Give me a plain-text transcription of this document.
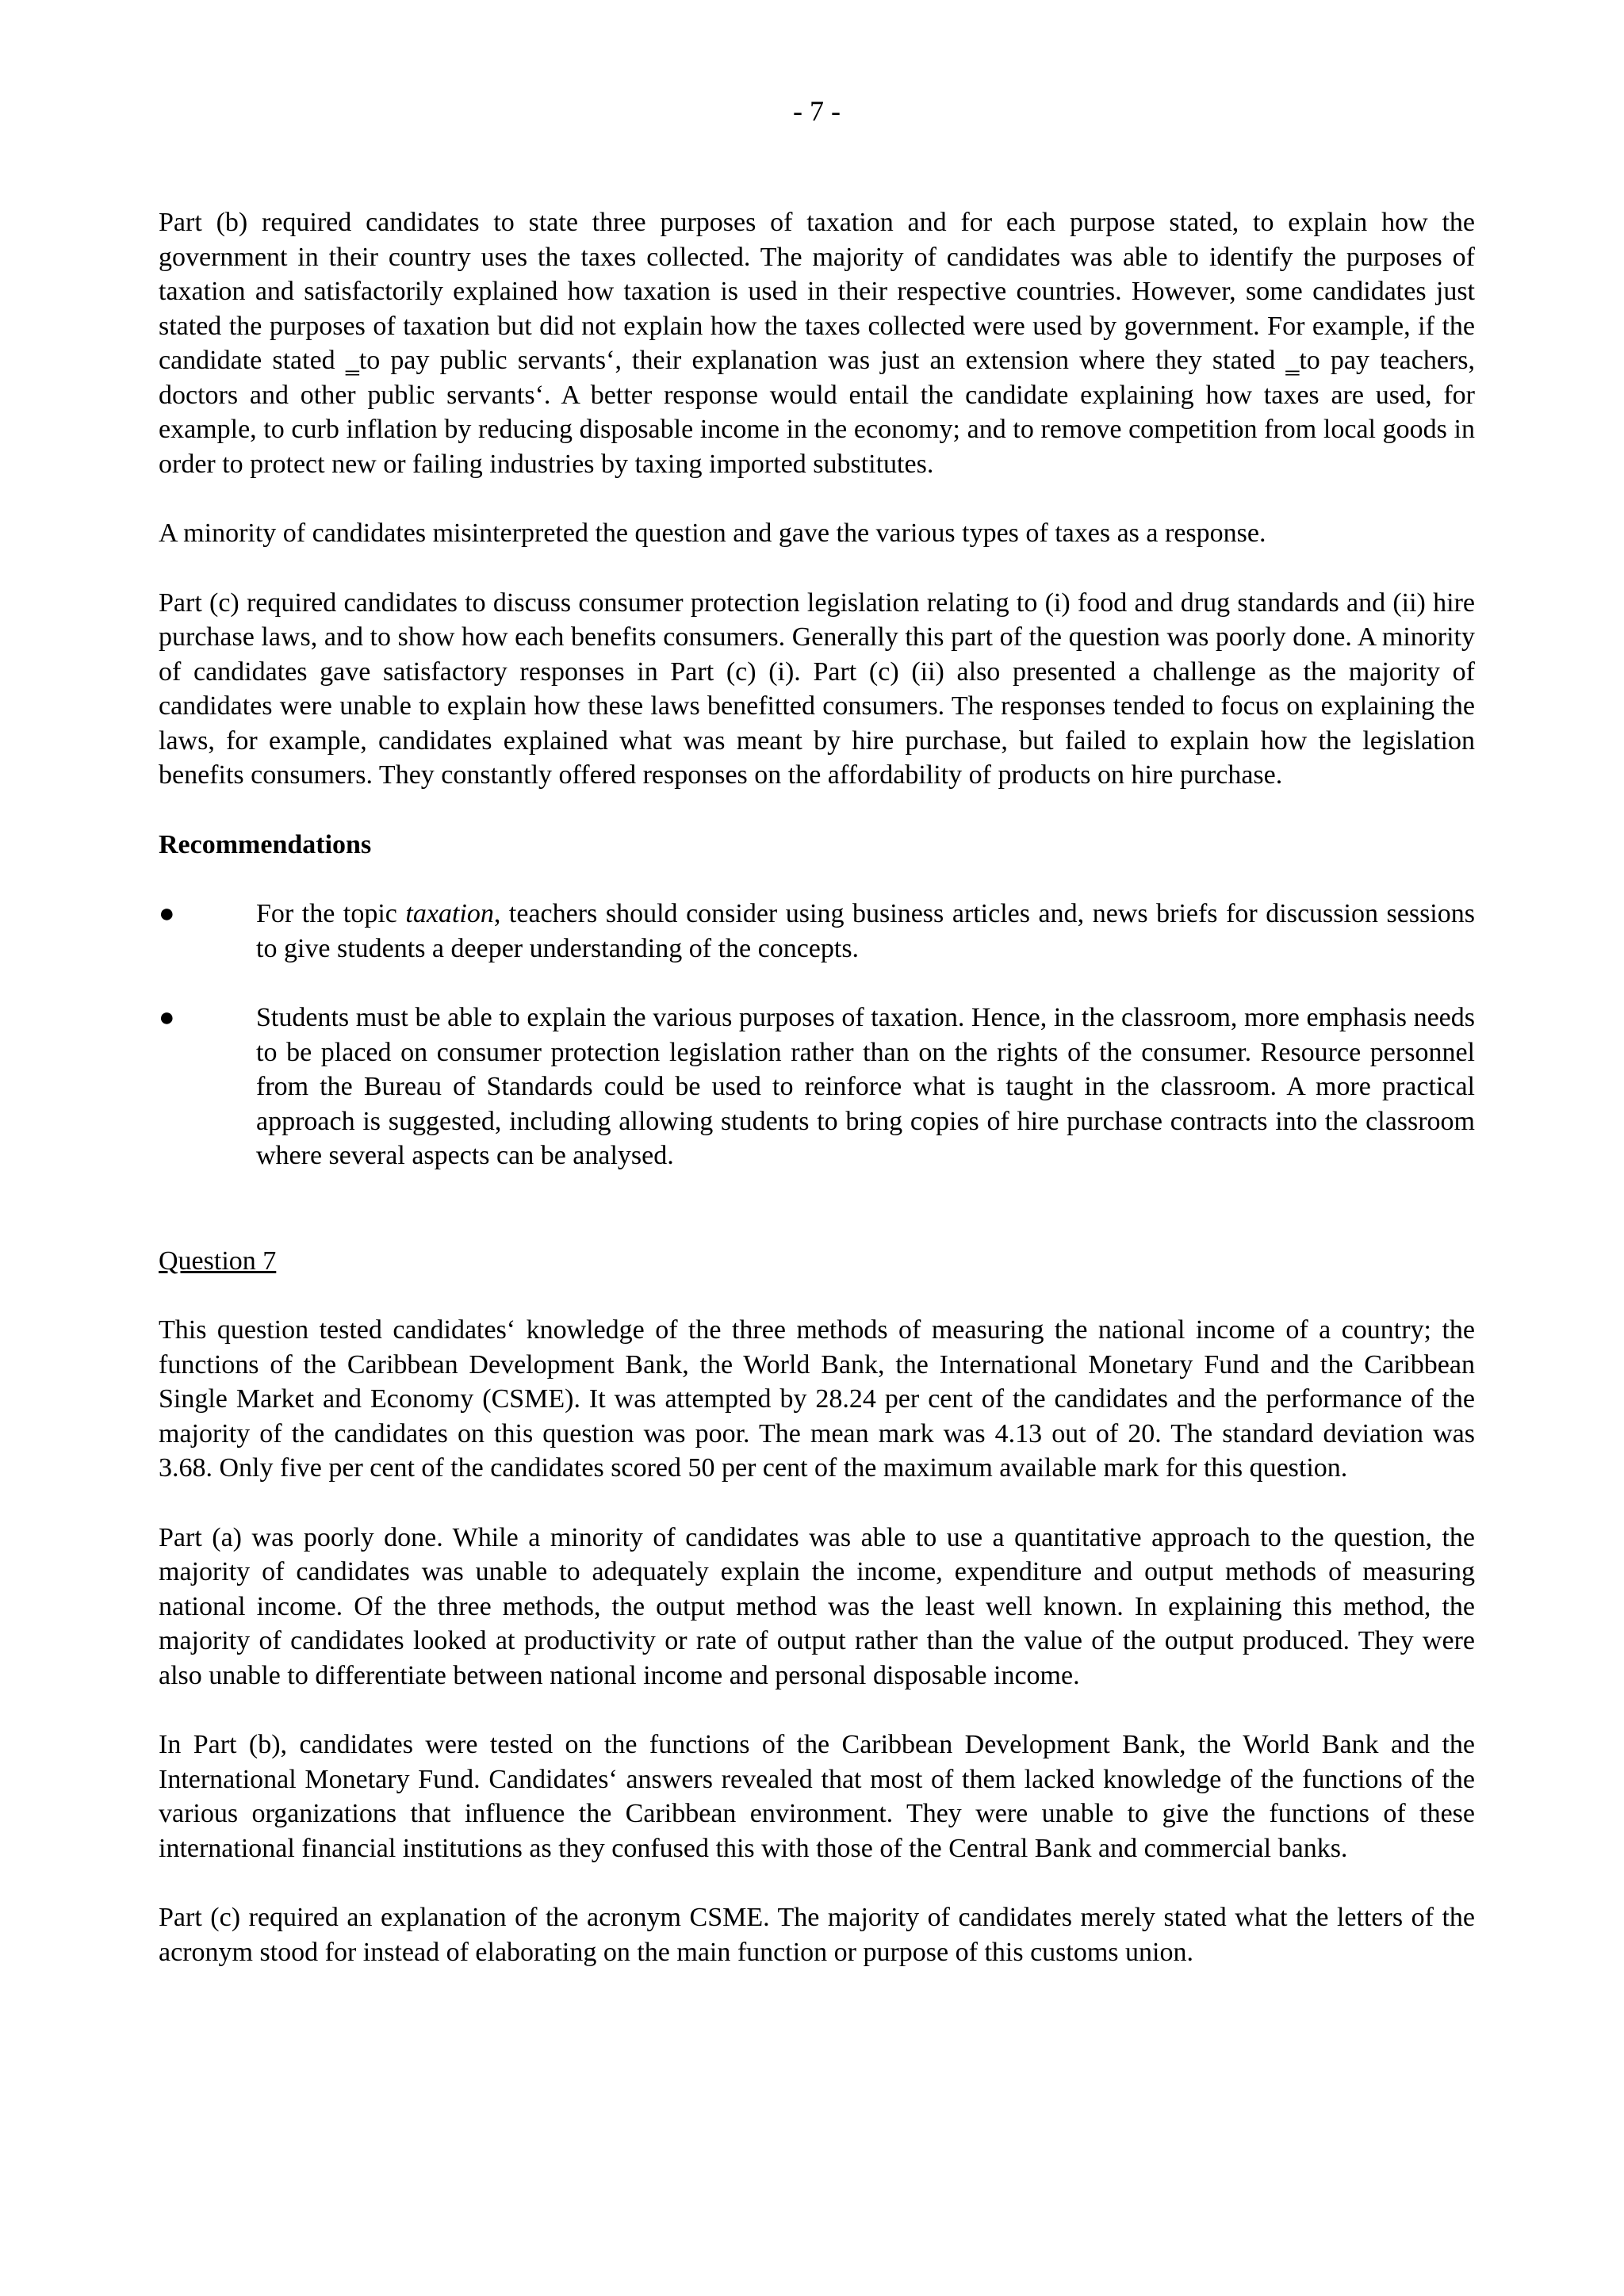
- 7 -

Part (b) required candidates to state three purposes of taxation and for each purpose stated, to explain how the government in their country uses the taxes collected. The majority of candidates was able to identify the purposes of taxation and satisfactorily explained how taxation is used in their respective countries. However, some candidates just stated the purposes of taxation but did not explain how the taxes collected were used by government. For example, if the candidate stated ‗to pay public servants‘, their explanation was just an extension where they stated ‗to pay teachers, doctors and other public servants‘. A better response would entail the candidate explaining how taxes are used, for example, to curb inflation by reducing disposable income in the economy; and to remove competition from local goods in order to protect new or failing industries by taxing imported substitutes.

A minority of candidates misinterpreted the question and gave the various types of taxes as a response.

Part (c) required candidates to discuss consumer protection legislation relating to (i) food and drug standards and (ii) hire purchase laws, and to show how each benefits consumers. Generally this part of the question was poorly done. A minority of candidates gave satisfactory responses in Part (c) (i). Part (c) (ii) also presented a challenge as the majority of candidates were unable to explain how these laws benefitted consumers. The responses tended to focus on explaining the laws, for example, candidates explained what was meant by hire purchase, but failed to explain how the legislation benefits consumers. They constantly offered responses on the affordability of products on hire purchase.

Recommendations

●	For the topic taxation, teachers should consider using business articles and, news briefs for discussion sessions to give students a deeper understanding of the concepts.

●	Students must be able to explain the various purposes of taxation. Hence, in the classroom, more emphasis needs to be placed on consumer protection legislation rather than on the rights of the consumer. Resource personnel from the Bureau of Standards could be used to reinforce what is taught in the classroom. A more practical approach is suggested, including allowing students to bring copies of hire purchase contracts into the classroom where several aspects can be analysed.

Question 7

This question tested candidates‘ knowledge of the three methods of measuring the national income of a country; the functions of the Caribbean Development Bank, the World Bank, the International Monetary Fund and the Caribbean Single Market and Economy (CSME). It was attempted by 28.24 per cent of the candidates and the performance of the majority of the candidates on this question was poor. The mean mark was 4.13 out of 20. The standard deviation was 3.68. Only five per cent of the candidates scored 50 per cent of the maximum available mark for this question.

Part (a) was poorly done. While a minority of candidates was able to use a quantitative approach to the question, the majority of candidates was unable to adequately explain the income, expenditure and output methods of measuring national income. Of the three methods, the output method was the least well known. In explaining this method, the majority of candidates looked at productivity or rate of output rather than the value of the output produced. They were also unable to differentiate between national income and personal disposable income.

In Part (b), candidates were tested on the functions of the Caribbean Development Bank, the World Bank and the International Monetary Fund. Candidates‘ answers revealed that most of them lacked knowledge of the functions of the various organizations that influence the Caribbean environment. They were unable to give the functions of these international financial institutions as they confused this with those of the Central Bank and commercial banks.

Part (c) required an explanation of the acronym CSME. The majority of candidates merely stated what the letters of the acronym stood for instead of elaborating on the main function or purpose of this customs union.
